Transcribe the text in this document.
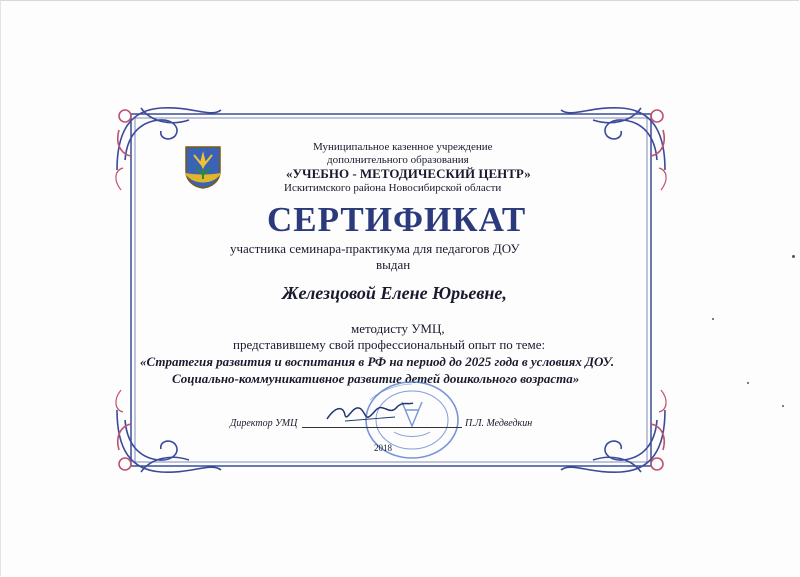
Муниципальное казенное учреждение
дополнительного образования
«УЧЕБНО - МЕТОДИЧЕСКИЙ ЦЕНТР»
Искитимского района Новосибирской области
СЕРТИФИКАТ
участника семинара-практикума для педагогов ДОУ
выдан
Железцовой Елене Юрьевне,
методисту УМЦ,
представившему свой профессиональный опыт по теме:
«Стратегия развития и воспитания в РФ на период до 2025 года в условиях ДОУ.
Социально-коммуникативное развитие детей дошкольного возраста»
Директор УМЦ	П.Л. Медведкин
2018
